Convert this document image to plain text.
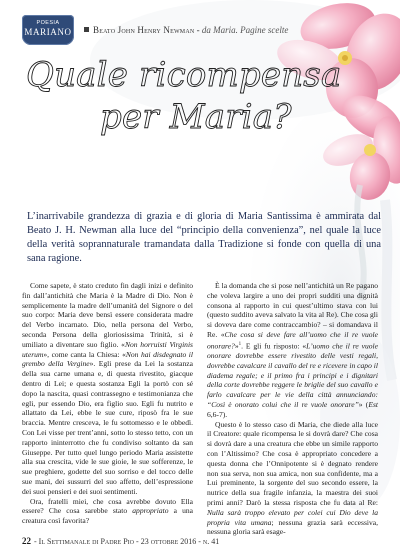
POESIA
MARIANO	Beato John Henry Newman - da Maria. Pagine scelte
Quale ricompensa
per Maria?

L’inarrivabile grandezza di grazia e di gloria di Maria Santissima è ammirata dal Beato J. H. Newman alla luce del “principio della convenienza”, nel quale la luce della verità soprannaturale tramandata dalla Tradizione si fonde con quella di una sana ragione.

Come sapete, è stato creduto fin dagli inizi e definito fin dall’antichità che Maria è la Madre di Dio. Non è semplicemente la madre dell’umanità del Signore o del suo corpo: Maria deve bensì essere considerata madre del Verbo incarnato. Dio, nella persona del Verbo, seconda Persona della gloriosissima Trinità, si è umiliato a diventare suo figlio. «Non horruisti Virginis uterum», come canta la Chiesa: «Non hai disdegnato il grembo della Vergine». Egli prese da Lei la sostanza della sua carne umana e, di questa rivestito, giacque dentro di Lei; e questa sostanza Egli la portò con sé dopo la nascita, quasi contrassegno e testimonianza che egli, pur essendo Dio, era figlio suo. Egli fu nutrito e allattato da Lei, ebbe le sue cure, riposò fra le sue braccia. Mentre cresceva, le fu sottomesso e le obbedì. Con Lei visse per trent’anni, sotto lo stesso tetto, con un rapporto ininterrotto che fu condiviso soltanto da san Giuseppe. Per tutto quel lungo periodo Maria assistette alla sua crescita, vide le sue gioie, le sue sofferenze, le sue preghiere, godette del suo sorriso e del tocco delle sue mani, dei sussurri del suo affetto, dell’espressione dei suoi pensieri e dei suoi sentimenti.

Ora, fratelli miei, che cosa avrebbe dovuto Ella essere? Che cosa sarebbe stato appropriato a una creatura così favorita?

È la domanda che si pose nell’antichità un Re pagano che voleva largire a uno dei propri sudditi una dignità consona al rapporto in cui quest’ultimo stava con lui (questo suddito aveva salvato la vita al Re). Che cosa gli si doveva dare come contraccambio? – si domandava il Re. «Che cosa si deve fare all’uomo che il re vuole onorare?»$^1$. E gli fu risposto: «L’uomo che il re vuole onorare dovrebbe essere rivestito delle vesti regali, dovrebbe cavalcare il cavallo del re e ricevere in capo il diadema regale; e il primo fra i principi e i dignitari della corte dovrebbe reggere le briglie del suo cavallo e farlo cavalcare per le vie della città annunciando: “Così è onorato colui che il re vuole onorare”» (Est 6,6-7).

Questo è lo stesso caso di Maria, che diede alla luce il Creatore: quale ricompensa le si dovrà dare? Che cosa si dovrà dare a una creatura che ebbe un simile rapporto con l’Altissimo? Che cosa è appropriato concedere a questa donna che l’Onnipotente si è degnato rendere non sua serva, non sua amica, non sua confidente, ma a Lui preminente, la sorgente del suo secondo essere, la nutrice della sua fragile infanzia, la maestra dei suoi primi anni? Darò la stessa risposta che fu data al Re: Nulla sarà troppo elevato per colei cui Dio deve la propria vita umana; nessuna grazia sarà eccessiva, nessuna gloria sarà esage-

22 - Il Settimanale di Padre Pio - 23 ottobre 2016 - n. 41
